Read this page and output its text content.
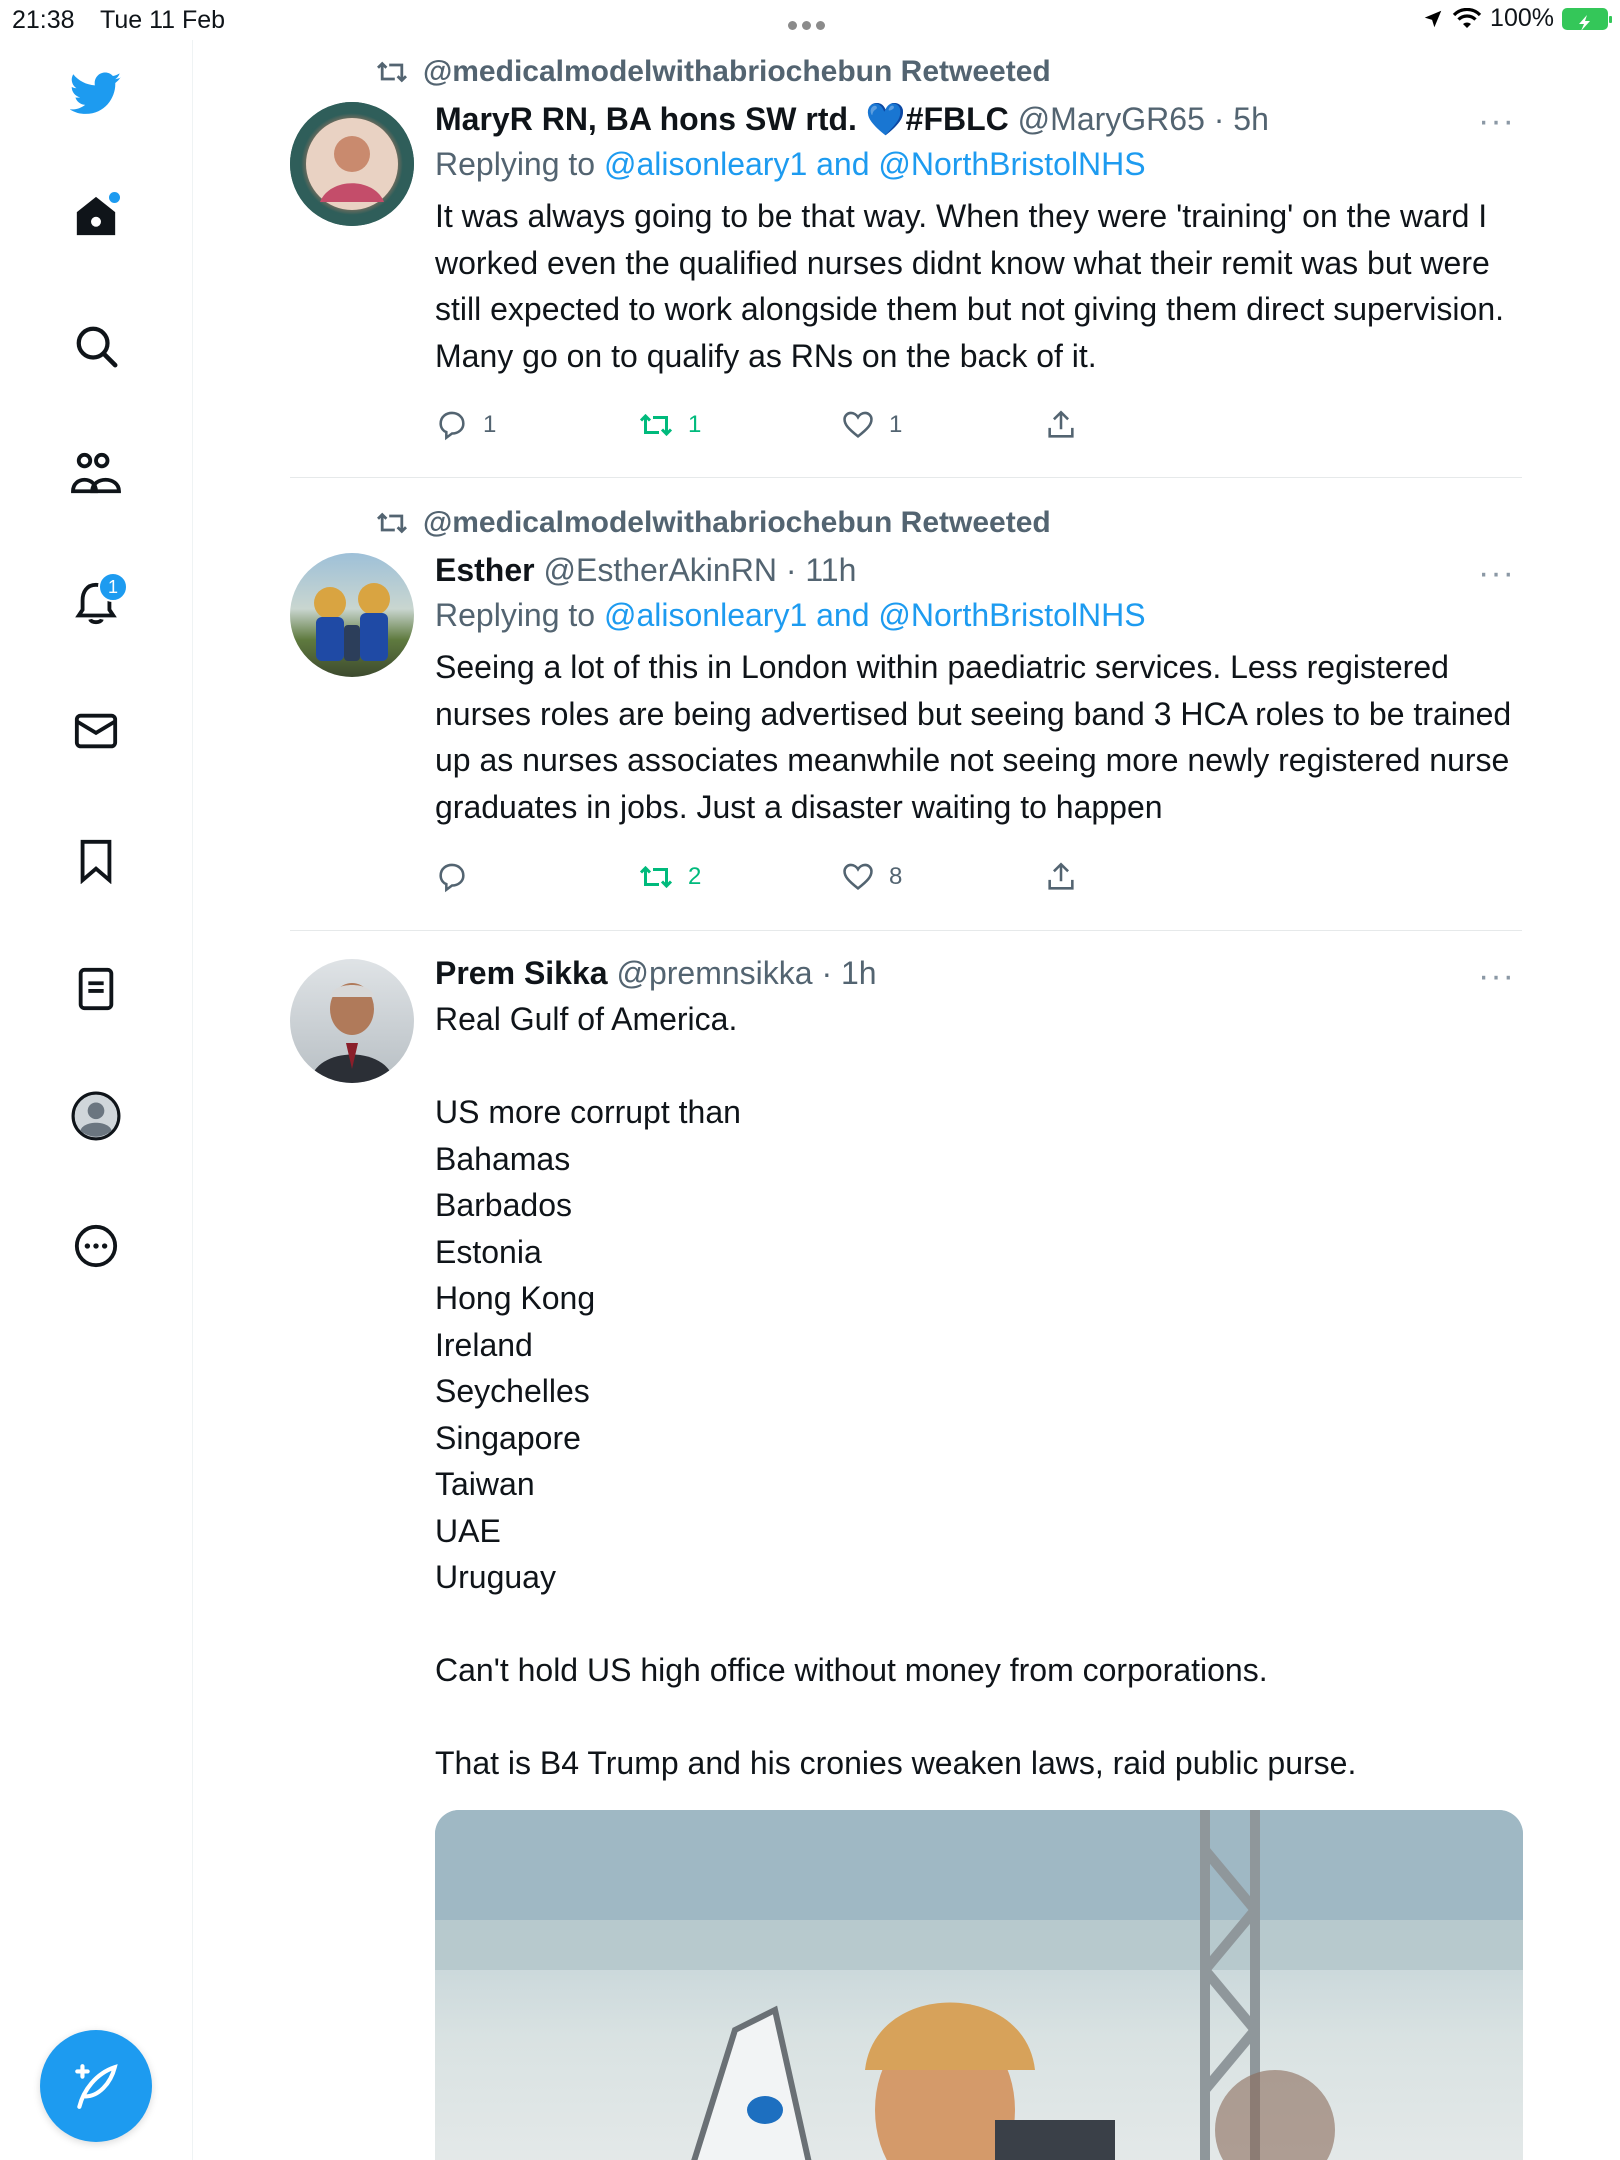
21:38 Tue 11 Feb	100%
1
@medicalmodelwithabriochebun Retweeted
MaryR RN, BA hons SW rtd. 💙#FBLC @MaryGR65 · 5h	···
Replying to @alisonleary1 and @NorthBristolNHS
It was always going to be that way. When they were 'training' on the ward I worked even the qualified nurses didnt know what their remit was but were still expected to work alongside them but not giving them direct supervision. Many go on to qualify as RNs on the back of it.
1	1	1
@medicalmodelwithabriochebun Retweeted
Esther @EstherAkinRN · 11h	···
Replying to @alisonleary1 and @NorthBristolNHS
Seeing a lot of this in London within paediatric services. Less registered nurses roles are being advertised but seeing band 3 HCA roles to be trained up as nurses associates meanwhile not seeing more newly registered nurse graduates in jobs. Just a disaster waiting to happen
2	8
Prem Sikka @premnsikka · 1h	···
Real Gulf of America.
US more corrupt than
Bahamas
Barbados
Estonia
Hong Kong
Ireland
Seychelles
Singapore
Taiwan
UAE
Uruguay
Can't hold US high office without money from corporations.
That is B4 Trump and his cronies weaken laws, raid public purse.
